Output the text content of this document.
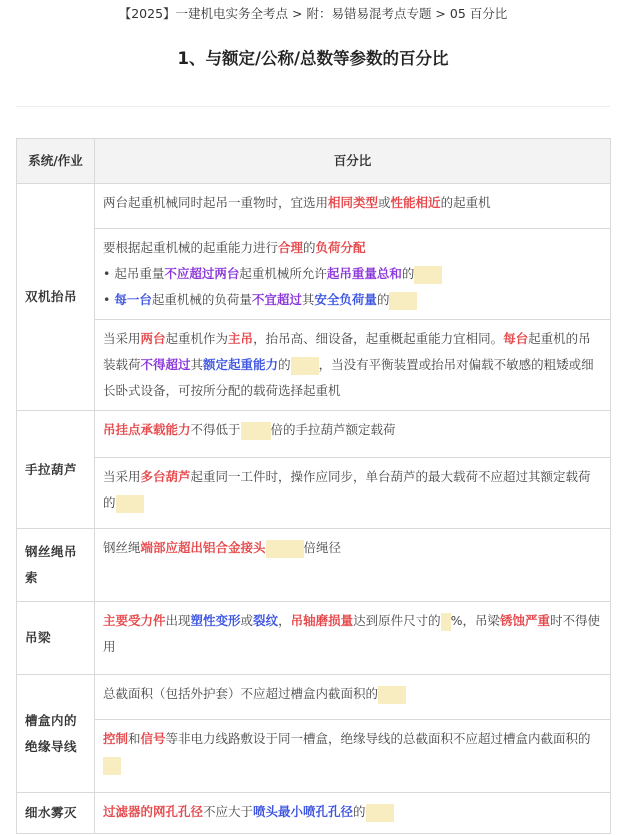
【2025】一建机电实务全考点 > 附：易错易混考点专题 > 05 百分比
1、与额定/公称/总数等参数的百分比
系统/作业	百分比
双机抬吊	两台起重机械同时起吊一重物时，宜选用相同类型或性能相近的起重机

	要根据起重机械的起重能力进行合理的负荷分配
• 起吊重量不应超过两台起重机械所允许起吊重量总和的
• 每一台起重机械的负荷量不宜超过其安全负荷量的

	当采用两台起重机作为主吊，抬吊高、细设备，起重概起重能力宜相同。每台起重机的吊装载荷不得超过其额定起重能力的 ，当没有平衡装置或抬吊对偏载不敏感的粗矮或细长卧式设备，可按所分配的载荷选择起重机
手拉葫芦	吊挂点承载能力不得低于 倍的手拉葫芦额定载荷
	当采用多台葫芦起重同一工件时，操作应同步，单台葫芦的最大载荷不应超过其额定载荷的
钢丝绳吊索	钢丝绳端部应超出铝合金接头 倍绳径
吊梁	主要受力件出现塑性变形或裂纹，吊轴磨损量达到原件尺寸的 %，吊梁锈蚀严重时不得使用
槽盒内的绝缘导线	总截面积（包括外护套）不应超过槽盒内截面积的
	控制和信号等非电力线路敷设于同一槽盒，绝缘导线的总截面积不应超过槽盒内截面积的
细水雾灭	过滤器的网孔孔径不应大于喷头最小喷孔孔径的
